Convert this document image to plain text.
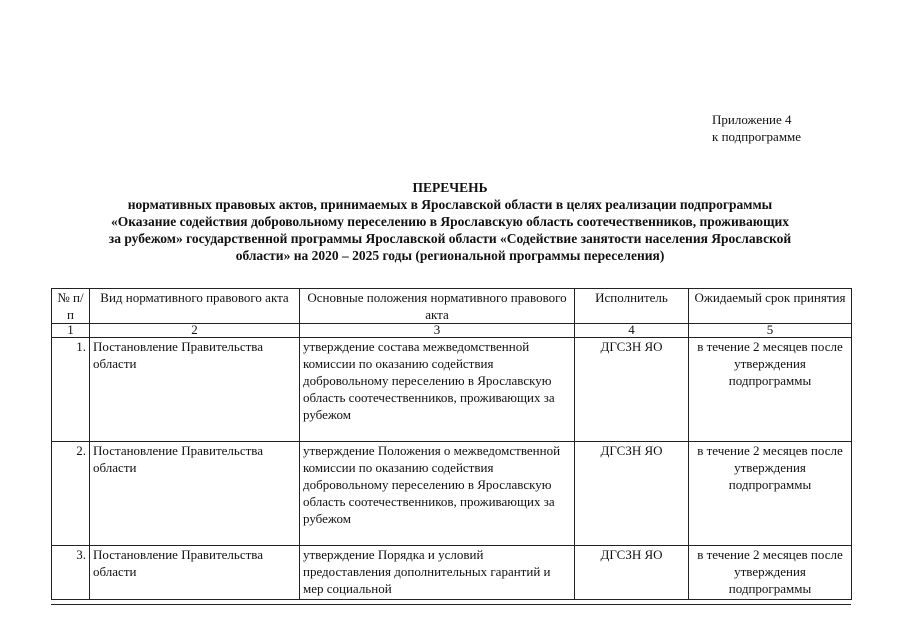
Приложение 4
к подпрограмме
ПЕРЕЧЕНЬ
нормативных правовых актов, принимаемых в Ярославской области в целях реализации подпрограммы
«Оказание содействия добровольному переселению в Ярославскую область соотечественников, проживающих
за рубежом» государственной программы Ярославской области «Содействие занятости населения Ярославской
области» на 2020 – 2025 годы (региональной программы переселения)
№ п/п	Вид нормативного правового акта	Основные положения нормативного правового акта	Исполнитель	Ожидаемый срок принятия
1	2	3	4	5
1.	Постановление Правительства области	утверждение состава межведомственной комиссии по оказанию содействия добровольному переселению в Ярославскую область соотечественников, проживающих за рубежом	ДГСЗН ЯО	в течение 2 месяцев после утверждения подпрограммы
2.	Постановление Правительства области	утверждение Положения о межведомственной комиссии по оказанию содействия добровольному переселению в Ярославскую область соотечественников, проживающих за рубежом	ДГСЗН ЯО	в течение 2 месяцев после утверждения подпрограммы
3.	Постановление Правительства области	утверждение Порядка и условий предоставления дополнительных гарантий и мер социальной	ДГСЗН ЯО	в течение 2 месяцев после утверждения подпрограммы
